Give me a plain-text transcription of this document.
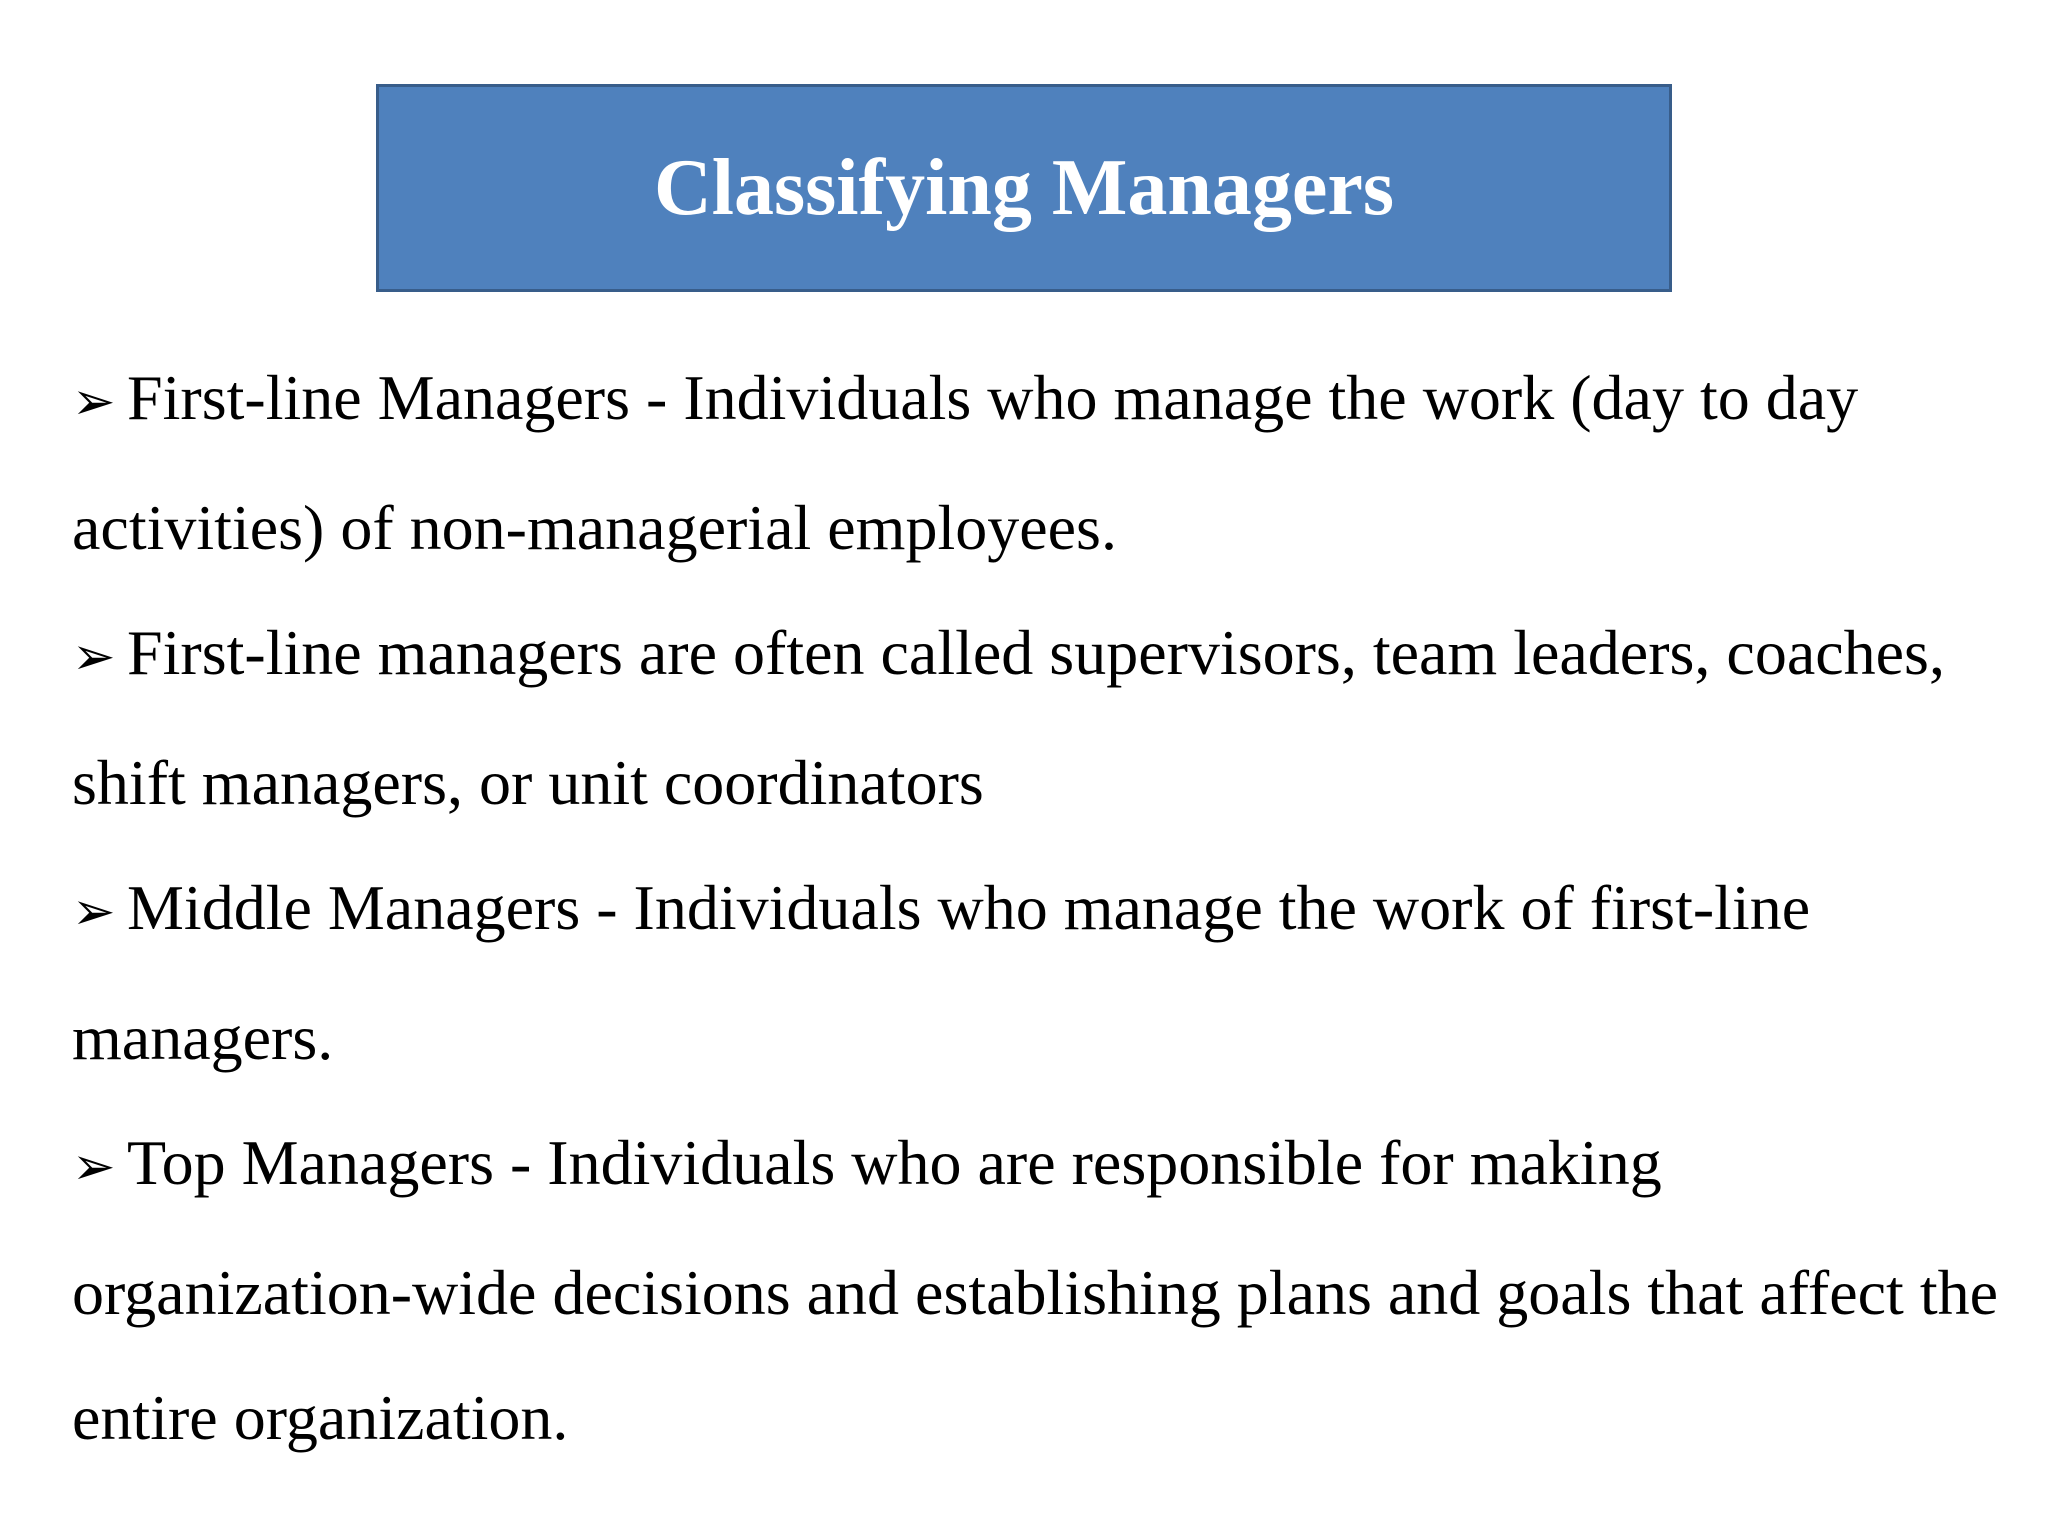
Classifying Managers

➢ First-line Managers - Individuals who manage the work (day to day activities) of non-managerial employees.

➢ First-line managers are often called supervisors, team leaders, coaches, shift managers, or unit coordinators

➢ Middle Managers - Individuals who manage the work of first-line managers.

➢ Top Managers - Individuals who are responsible for making organization-wide decisions and establishing plans and goals that affect the entire organization.
